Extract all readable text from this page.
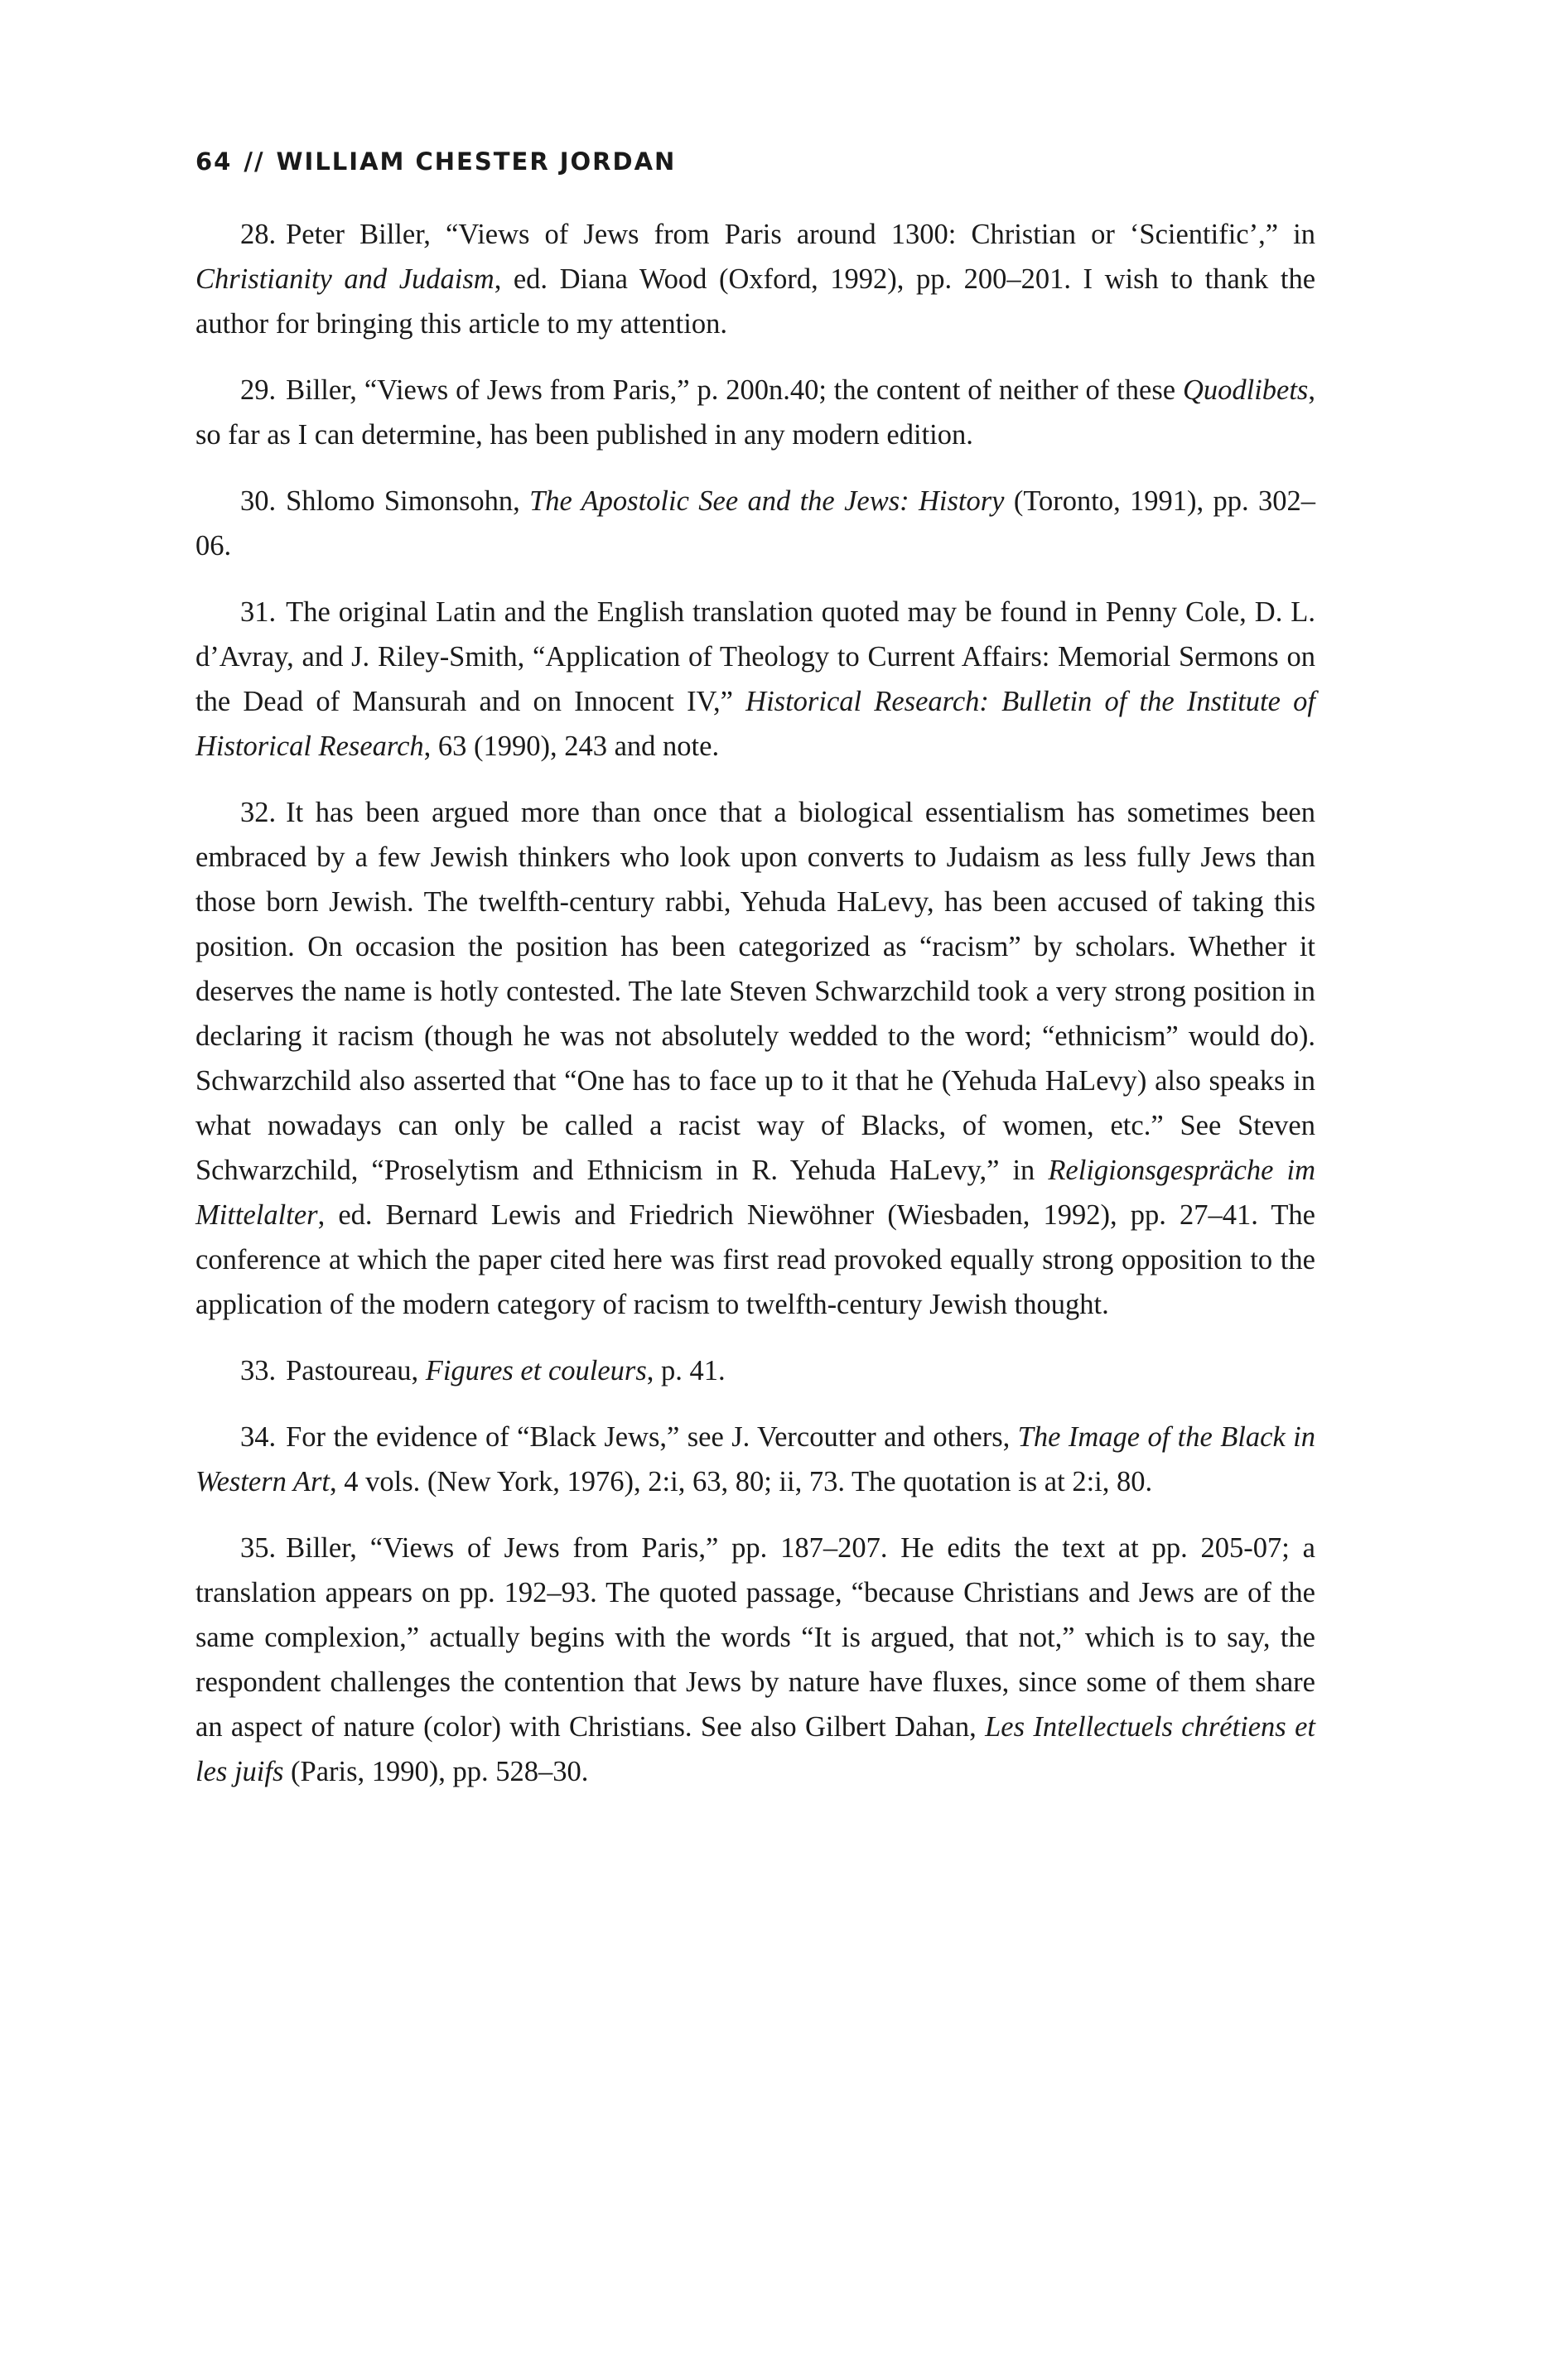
64 // WILLIAM CHESTER JORDAN

28. Peter Biller, “Views of Jews from Paris around 1300: Christian or ‘Scientific’,” in Christianity and Judaism, ed. Diana Wood (Oxford, 1992), pp. 200–201. I wish to thank the author for bringing this article to my attention.

29. Biller, “Views of Jews from Paris,” p. 200n.40; the content of neither of these Quodlibets, so far as I can determine, has been published in any modern edition.

30. Shlomo Simonsohn, The Apostolic See and the Jews: History (Toronto, 1991), pp. 302–06.

31. The original Latin and the English translation quoted may be found in Penny Cole, D. L. d’Avray, and J. Riley-Smith, “Application of Theology to Current Affairs: Memorial Sermons on the Dead of Mansurah and on Innocent IV,” Historical Research: Bulletin of the Institute of Historical Research, 63 (1990), 243 and note.

32. It has been argued more than once that a biological essentialism has sometimes been embraced by a few Jewish thinkers who look upon converts to Judaism as less fully Jews than those born Jewish. The twelfth-century rabbi, Yehuda HaLevy, has been accused of taking this position. On occasion the position has been categorized as “racism” by scholars. Whether it deserves the name is hotly contested. The late Steven Schwarzchild took a very strong position in declaring it racism (though he was not absolutely wedded to the word; “ethnicism” would do). Schwarzchild also asserted that “One has to face up to it that he (Yehuda HaLevy) also speaks in what nowadays can only be called a racist way of Blacks, of women, etc.” See Steven Schwarzchild, “Proselytism and Ethnicism in R. Yehuda HaLevy,” in Religionsgespräche im Mittelalter, ed. Bernard Lewis and Friedrich Niewöhner (Wiesbaden, 1992), pp. 27–41. The conference at which the paper cited here was first read provoked equally strong opposition to the application of the modern category of racism to twelfth-century Jewish thought.

33. Pastoureau, Figures et couleurs, p. 41.

34. For the evidence of “Black Jews,” see J. Vercoutter and others, The Image of the Black in Western Art, 4 vols. (New York, 1976), 2:i, 63, 80; ii, 73. The quotation is at 2:i, 80.

35. Biller, “Views of Jews from Paris,” pp. 187–207. He edits the text at pp. 205-07; a translation appears on pp. 192–93. The quoted passage, “because Christians and Jews are of the same complexion,” actually begins with the words “It is argued, that not,” which is to say, the respondent challenges the contention that Jews by nature have fluxes, since some of them share an aspect of nature (color) with Christians. See also Gilbert Dahan, Les Intellectuels chrétiens et les juifs (Paris, 1990), pp. 528–30.
